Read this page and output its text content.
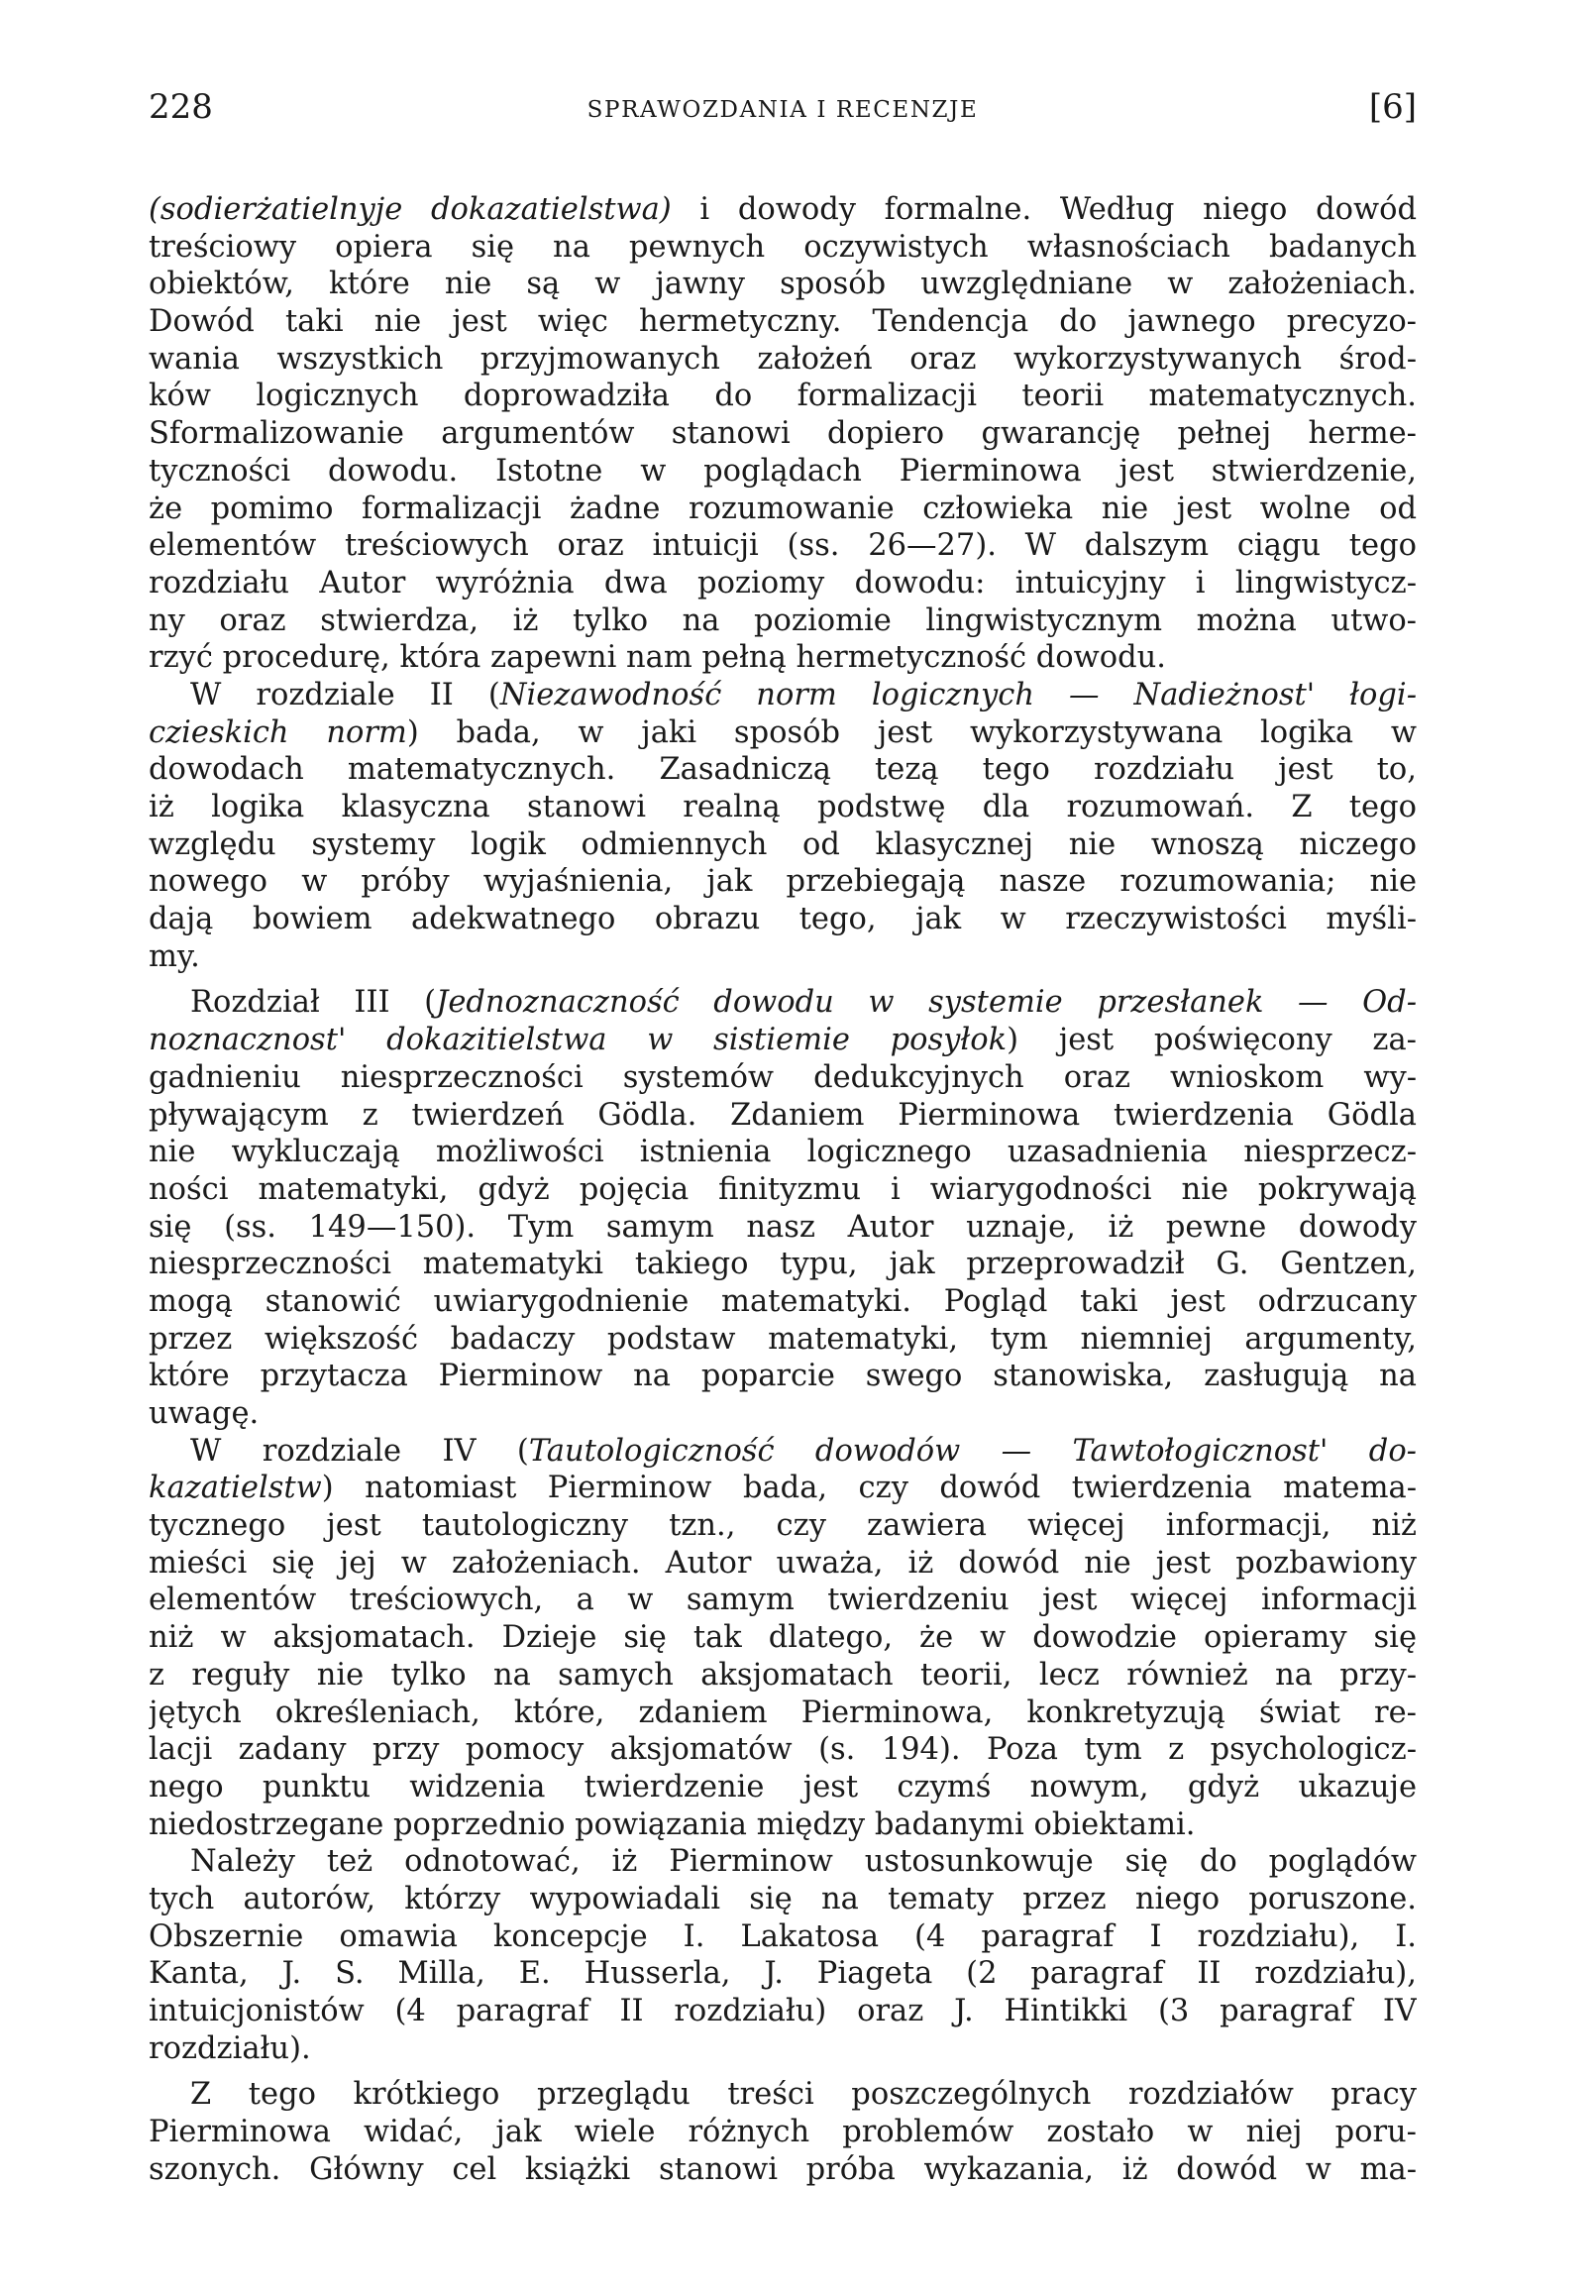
228	SPRAWOZDANIA I RECENZJE	[6]
(sodierżatielnyje dokazatielstwa) i dowody formalne. Według niego dowód
treściowy opiera się na pewnych oczywistych własnościach badanych
obiektów, które nie są w jawny sposób uwzględniane w założeniach.
Dowód taki nie jest więc hermetyczny. Tendencja do jawnego precyzo-
wania wszystkich przyjmowanych założeń oraz wykorzystywanych środ-
ków logicznych doprowadziła do formalizacji teorii matematycznych.
Sformalizowanie argumentów stanowi dopiero gwarancję pełnej herme-
tyczności dowodu. Istotne w poglądach Pierminowa jest stwierdzenie,
że pomimo formalizacji żadne rozumowanie człowieka nie jest wolne od
elementów treściowych oraz intuicji (ss. 26—27). W dalszym ciągu tego
rozdziału Autor wyróżnia dwa poziomy dowodu: intuicyjny i lingwistycz-
ny oraz stwierdza, iż tylko na poziomie lingwistycznym można utwo-
rzyć procedurę, która zapewni nam pełną hermetyczność dowodu.
W rozdziale II (Niezawodność norm logicznych — Nadieżnost' łogi-
czieskich norm) bada, w jaki sposób jest wykorzystywana logika w
dowodach matematycznych. Zasadniczą tezą tego rozdziału jest to,
iż logika klasyczna stanowi realną podstwę dla rozumowań. Z tego
względu systemy logik odmiennych od klasycznej nie wnoszą niczego
nowego w próby wyjaśnienia, jak przebiegają nasze rozumowania; nie
dają bowiem adekwatnego obrazu tego, jak w rzeczywistości myśli-
my.
Rozdział III (Jednoznaczność dowodu w systemie przesłanek — Od-
noznacznost' dokazitielstwa w sistiemie posyłok) jest poświęcony za-
gadnieniu niesprzeczności systemów dedukcyjnych oraz wnioskom wy-
pływającym z twierdzeń Gödla. Zdaniem Pierminowa twierdzenia Gödla
nie wykluczają możliwości istnienia logicznego uzasadnienia niesprzecz-
ności matematyki, gdyż pojęcia finityzmu i wiarygodności nie pokrywają
się (ss. 149—150). Tym samym nasz Autor uznaje, iż pewne dowody
niesprzeczności matematyki takiego typu, jak przeprowadził G. Gentzen,
mogą stanowić uwiarygodnienie matematyki. Pogląd taki jest odrzucany
przez większość badaczy podstaw matematyki, tym niemniej argumenty,
które przytacza Pierminow na poparcie swego stanowiska, zasługują na
uwagę.
W rozdziale IV (Tautologiczność dowodów — Tawtołogicznost' do-
kazatielstw) natomiast Pierminow bada, czy dowód twierdzenia matema-
tycznego jest tautologiczny tzn., czy zawiera więcej informacji, niż
mieści się jej w założeniach. Autor uważa, iż dowód nie jest pozbawiony
elementów treściowych, a w samym twierdzeniu jest więcej informacji
niż w aksjomatach. Dzieje się tak dlatego, że w dowodzie opieramy się
z reguły nie tylko na samych aksjomatach teorii, lecz również na przy-
jętych określeniach, które, zdaniem Pierminowa, konkretyzują świat re-
lacji zadany przy pomocy aksjomatów (s. 194). Poza tym z psychologicz-
nego punktu widzenia twierdzenie jest czymś nowym, gdyż ukazuje
niedostrzegane poprzednio powiązania między badanymi obiektami.
Należy też odnotować, iż Pierminow ustosunkowuje się do poglądów
tych autorów, którzy wypowiadali się na tematy przez niego poruszone.
Obszernie omawia koncepcje I. Lakatosa (4 paragraf I rozdziału), I.
Kanta, J. S. Milla, E. Husserla, J. Piageta (2 paragraf II rozdziału),
intuicjonistów (4 paragraf II rozdziału) oraz J. Hintikki (3 paragraf IV
rozdziału).
Z tego krótkiego przeglądu treści poszczególnych rozdziałów pracy
Pierminowa widać, jak wiele różnych problemów zostało w niej poru-
szonych. Główny cel książki stanowi próba wykazania, iż dowód w ma-
